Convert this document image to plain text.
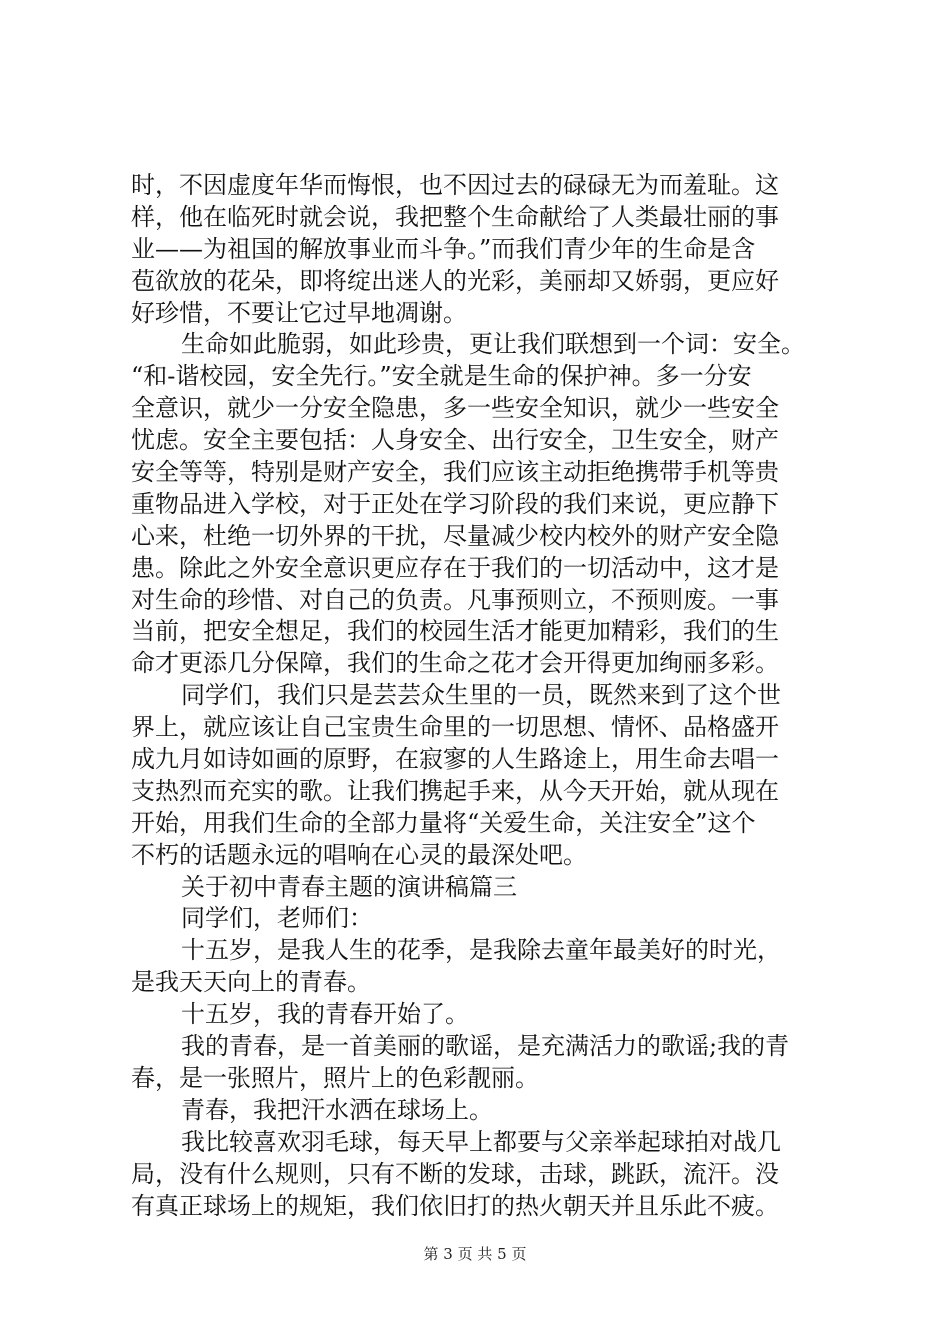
时，不因虚度年华而悔恨，也不因过去的碌碌无为而羞耻。这
样，他在临死时就会说，我把整个生命献给了人类最壮丽的事
业——为祖国的解放事业而斗争。”而我们青少年的生命是含
苞欲放的花朵，即将绽出迷人的光彩，美丽却又娇弱，更应好
好珍惜，不要让它过早地凋谢。
生命如此脆弱，如此珍贵，更让我们联想到一个词：安全。
“和-谐校园，安全先行。”安全就是生命的保护神。多一分安
全意识，就少一分安全隐患，多一些安全知识，就少一些安全
忧虑。安全主要包括：人身安全、出行安全，卫生安全，财产
安全等等，特别是财产安全，我们应该主动拒绝携带手机等贵
重物品进入学校，对于正处在学习阶段的我们来说，更应静下
心来，杜绝一切外界的干扰，尽量减少校内校外的财产安全隐
患。除此之外安全意识更应存在于我们的一切活动中，这才是
对生命的珍惜、对自己的负责。凡事预则立，不预则废。一事
当前，把安全想足，我们的校园生活才能更加精彩，我们的生
命才更添几分保障，我们的生命之花才会开得更加绚丽多彩。
同学们，我们只是芸芸众生里的一员，既然来到了这个世
界上，就应该让自己宝贵生命里的一切思想、情怀、品格盛开
成九月如诗如画的原野，在寂寥的人生路途上，用生命去唱一
支热烈而充实的歌。让我们携起手来，从今天开始，就从现在
开始，用我们生命的全部力量将“关爱生命，关注安全”这个
不朽的话题永远的唱响在心灵的最深处吧。
关于初中青春主题的演讲稿篇三
同学们，老师们：
十五岁，是我人生的花季，是我除去童年最美好的时光，
是我天天向上的青春。
十五岁，我的青春开始了。
我的青春，是一首美丽的歌谣，是充满活力的歌谣;我的青
春，是一张照片，照片上的色彩靓丽。
青春，我把汗水洒在球场上。
我比较喜欢羽毛球，每天早上都要与父亲举起球拍对战几
局，没有什么规则，只有不断的发球，击球，跳跃，流汗。没
有真正球场上的规矩，我们依旧打的热火朝天并且乐此不疲。
第 3 页 共 5 页
